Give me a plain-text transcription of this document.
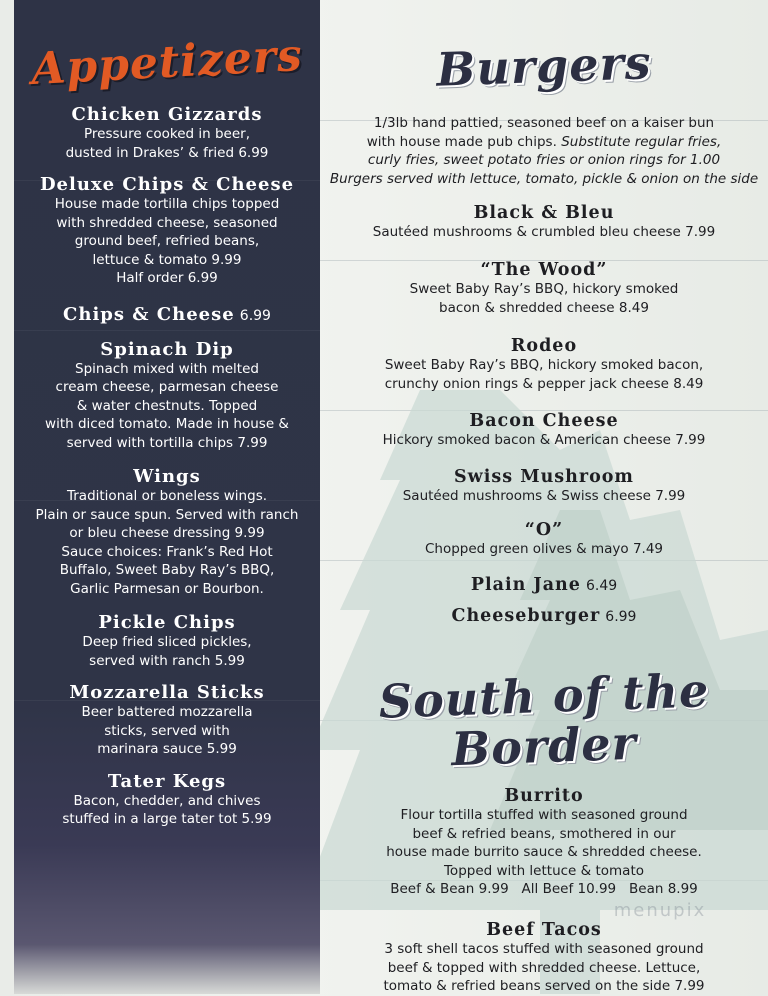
Appetizers
Chicken Gizzards
Pressure cooked in beer,
dusted in Drakes’ & fried 6.99
Deluxe Chips & Cheese
House made tortilla chips topped
with shredded cheese, seasoned
ground beef, refried beans,
lettuce & tomato 9.99
Half order 6.99
Chips & Cheese 6.99
Spinach Dip
Spinach mixed with melted
cream cheese, parmesan cheese
& water chestnuts. Topped
with diced tomato. Made in house &
served with tortilla chips 7.99
Wings
Traditional or boneless wings.
Plain or sauce spun. Served with ranch
or bleu cheese dressing 9.99
Sauce choices: Frank’s Red Hot
Buffalo, Sweet Baby Ray’s BBQ,
Garlic Parmesan or Bourbon.
Pickle Chips
Deep fried sliced pickles,
served with ranch 5.99
Mozzarella Sticks
Beer battered mozzarella
sticks, served with
marinara sauce 5.99
Tater Kegs
Bacon, chedder, and chives
stuffed in a large tater tot 5.99
Burgers
1/3lb hand pattied, seasoned beef on a kaiser bun
with house made pub chips. Substitute regular fries,
curly fries, sweet potato fries or onion rings for 1.00
Burgers served with lettuce, tomato, pickle & onion on the side
Black & Bleu
Sautéed mushrooms & crumbled bleu cheese 7.99
“The Wood”
Sweet Baby Ray’s BBQ, hickory smoked
bacon & shredded cheese 8.49
Rodeo
Sweet Baby Ray’s BBQ, hickory smoked bacon,
crunchy onion rings & pepper jack cheese 8.49
Bacon Cheese
Hickory smoked bacon & American cheese 7.99
Swiss Mushroom
Sautéed mushrooms & Swiss cheese 7.99
“O”
Chopped green olives & mayo 7.49
Plain Jane 6.49
Cheeseburger 6.99
South of the
Border
Burrito
Flour tortilla stuffed with seasoned ground
beef & refried beans, smothered in our
house made burrito sauce & shredded cheese.
Topped with lettuce & tomato
Beef & Bean 9.99   All Beef 10.99   Bean 8.99
Beef Tacos
3 soft shell tacos stuffed with seasoned ground
beef & topped with shredded cheese. Lettuce,
tomato & refried beans served on the side 7.99
menupix
